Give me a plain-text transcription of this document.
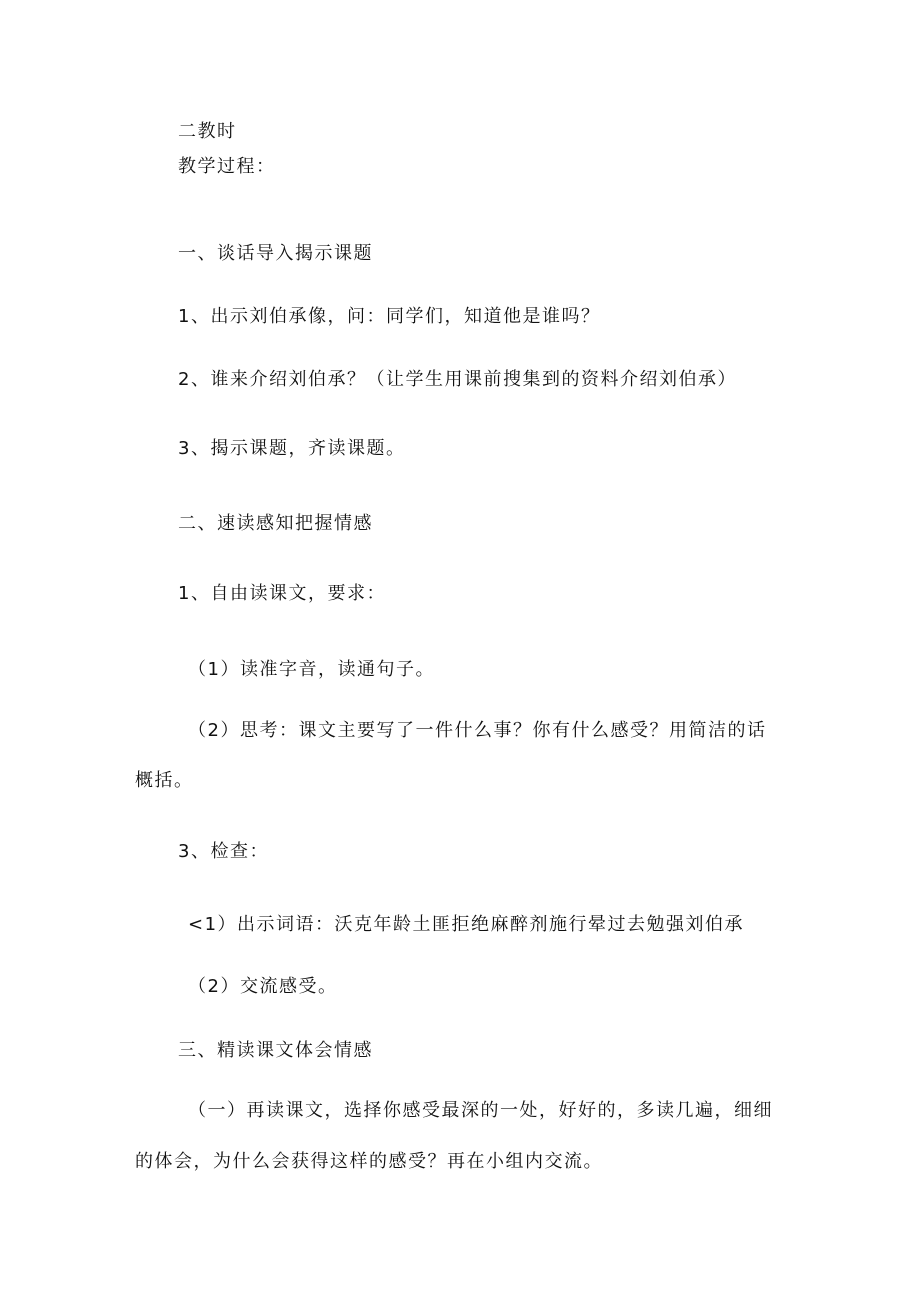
二教时
教学过程：
一、谈话导入揭示课题
1、出示刘伯承像，问：同学们，知道他是谁吗？
2、谁来介绍刘伯承？（让学生用课前搜集到的资料介绍刘伯承）
3、揭示课题，齐读课题。
二、速读感知把握情感
1、自由读课文，要求：
（1）读准字音，读通句子。
（2）思考：课文主要写了一件什么事？你有什么感受？用简洁的话
概括。
3、检查：
<1）出示词语：沃克年龄土匪拒绝麻醉剂施行晕过去勉强刘伯承
（2）交流感受。
三、精读课文体会情感
（一）再读课文，选择你感受最深的一处，好好的，多读几遍，细细
的体会，为什么会获得这样的感受？再在小组内交流。
